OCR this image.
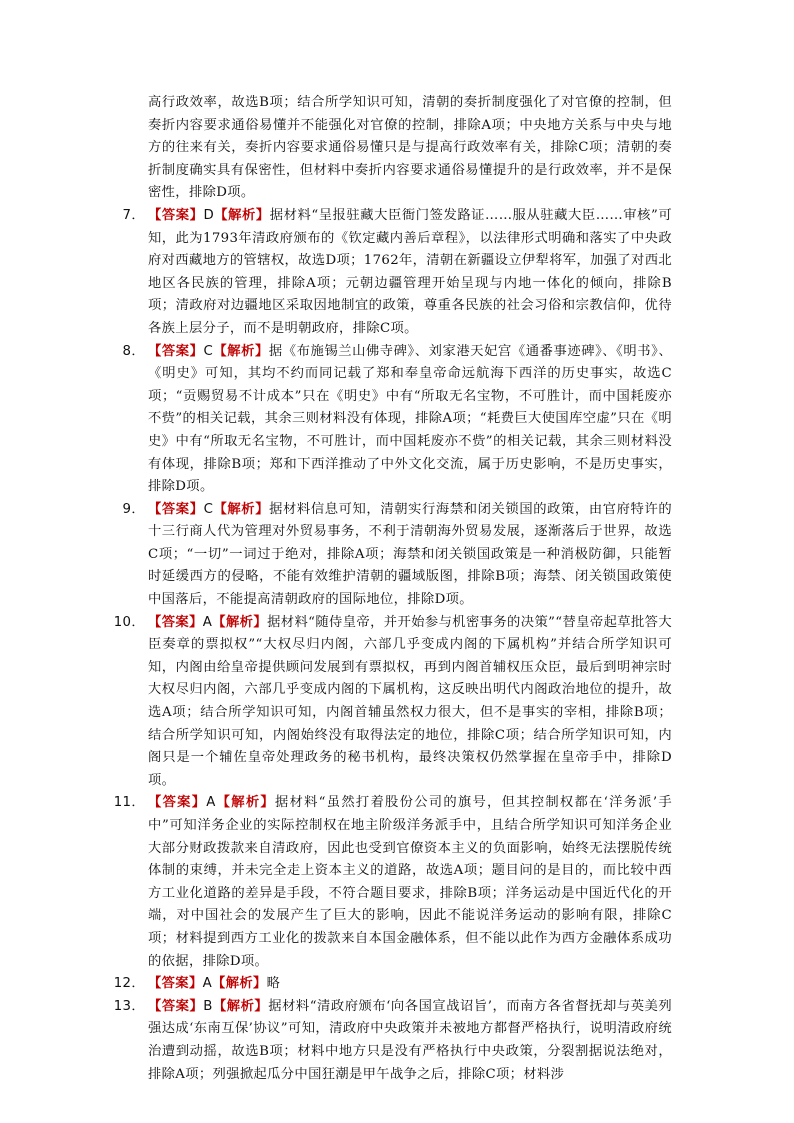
高行政效率，故选B项；结合所学知识可知，清朝的奏折制度强化了对官僚的控制，但奏折内容要求通俗易懂并不能强化对官僚的控制，排除A项；中央地方关系与中央与地方的往来有关，奏折内容要求通俗易懂只是与提高行政效率有关，排除C项；清朝的奏折制度确实具有保密性，但材料中奏折内容要求通俗易懂提升的是行政效率，并不是保密性，排除D项。

7． 【答案】D【解析】据材料“呈报驻藏大臣衙门签发路证……服从驻藏大臣……审核”可知，此为1793年清政府颁布的《钦定藏内善后章程》，以法律形式明确和落实了中央政府对西藏地方的管辖权，故选D项；1762年，清朝在新疆设立伊犁将军，加强了对西北地区各民族的管理，排除A项；元朝边疆管理开始呈现与内地一体化的倾向，排除B项；清政府对边疆地区采取因地制宜的政策，尊重各民族的社会习俗和宗教信仰，优待各族上层分子，而不是明朝政府，排除C项。
8． 【答案】C【解析】据《布施锡兰山佛寺碑》、刘家港天妃宫《通番事迹碑》、《明书》、《明史》可知，其均不约而同记载了郑和奉皇帝命远航海下西洋的历史事实，故选C项；“贡赐贸易不计成本”只在《明史》中有“所取无名宝物，不可胜计，而中国耗废亦不赀”的相关记载，其余三则材料没有体现，排除A项；“耗费巨大使国库空虚”只在《明史》中有“所取无名宝物，不可胜计，而中国耗废亦不赀”的相关记载，其余三则材料没有体现，排除B项；郑和下西洋推动了中外文化交流，属于历史影响，不是历史事实，排除D项。
9． 【答案】C【解析】据材料信息可知，清朝实行海禁和闭关锁国的政策，由官府特许的十三行商人代为管理对外贸易事务，不利于清朝海外贸易发展，逐渐落后于世界，故选C项；“一切”一词过于绝对，排除A项；海禁和闭关锁国政策是一种消极防御，只能暂时延缓西方的侵略，不能有效维护清朝的疆域版图，排除B项；海禁、闭关锁国政策使中国落后，不能提高清朝政府的国际地位，排除D项。
10． 【答案】A【解析】据材料“随侍皇帝，并开始参与机密事务的决策”“替皇帝起草批答大臣奏章的票拟权”“大权尽归内阁，六部几乎变成内阁的下属机构”并结合所学知识可知，内阁由给皇帝提供顾问发展到有票拟权，再到内阁首辅权压众臣，最后到明神宗时大权尽归内阁，六部几乎变成内阁的下属机构，这反映出明代内阁政治地位的提升，故选A项；结合所学知识可知，内阁首辅虽然权力很大，但不是事实的宰相，排除B项；结合所学知识可知，内阁始终没有取得法定的地位，排除C项；结合所学知识可知，内阁只是一个辅佐皇帝处理政务的秘书机构，最终决策权仍然掌握在皇帝手中，排除D项。
11． 【答案】A【解析】据材料“虽然打着股份公司的旗号，但其控制权都在‘洋务派’手中”可知洋务企业的实际控制权在地主阶级洋务派手中，且结合所学知识可知洋务企业大部分财政拨款来自清政府，因此也受到官僚资本主义的负面影响，始终无法摆脱传统体制的束缚，并未完全走上资本主义的道路，故选A项；题目问的是目的，而比较中西方工业化道路的差异是手段，不符合题目要求，排除B项；洋务运动是中国近代化的开端，对中国社会的发展产生了巨大的影响，因此不能说洋务运动的影响有限，排除C项；材料提到西方工业化的拨款来自本国金融体系，但不能以此作为西方金融体系成功的依据，排除D项。
12． 【答案】A【解析】略
13． 【答案】B【解析】据材料“清政府颁布‘向各国宣战诏旨’，而南方各省督抚却与英美列强达成‘东南互保’协议”可知，清政府中央政策并未被地方都督严格执行，说明清政府统治遭到动摇，故选B项；材料中地方只是没有严格执行中央政策，分裂割据说法绝对，排除A项；列强掀起瓜分中国狂潮是甲午战争之后，排除C项；材料涉
